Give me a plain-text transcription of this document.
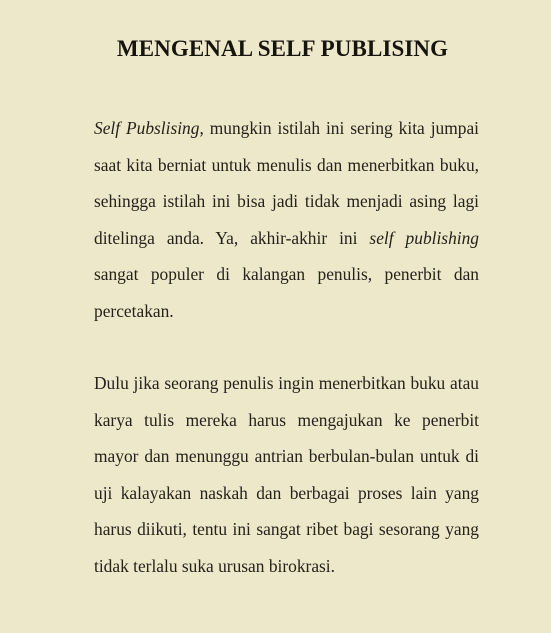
MENGENAL SELF PUBLISING

Self Pubslising, mungkin istilah ini sering kita jumpai saat kita berniat untuk menulis dan menerbitkan buku, sehingga istilah ini bisa jadi tidak menjadi asing lagi ditelinga anda. Ya, akhir-akhir ini self publishing sangat populer di kalangan penulis, penerbit dan percetakan.

Dulu jika seorang penulis ingin menerbitkan buku atau karya tulis mereka harus mengajukan ke penerbit mayor dan menunggu antrian berbulan-bulan untuk di uji kalayakan naskah dan berbagai proses lain yang harus diikuti, tentu ini sangat ribet bagi sesorang yang  tidak terlalu suka urusan birokrasi.
